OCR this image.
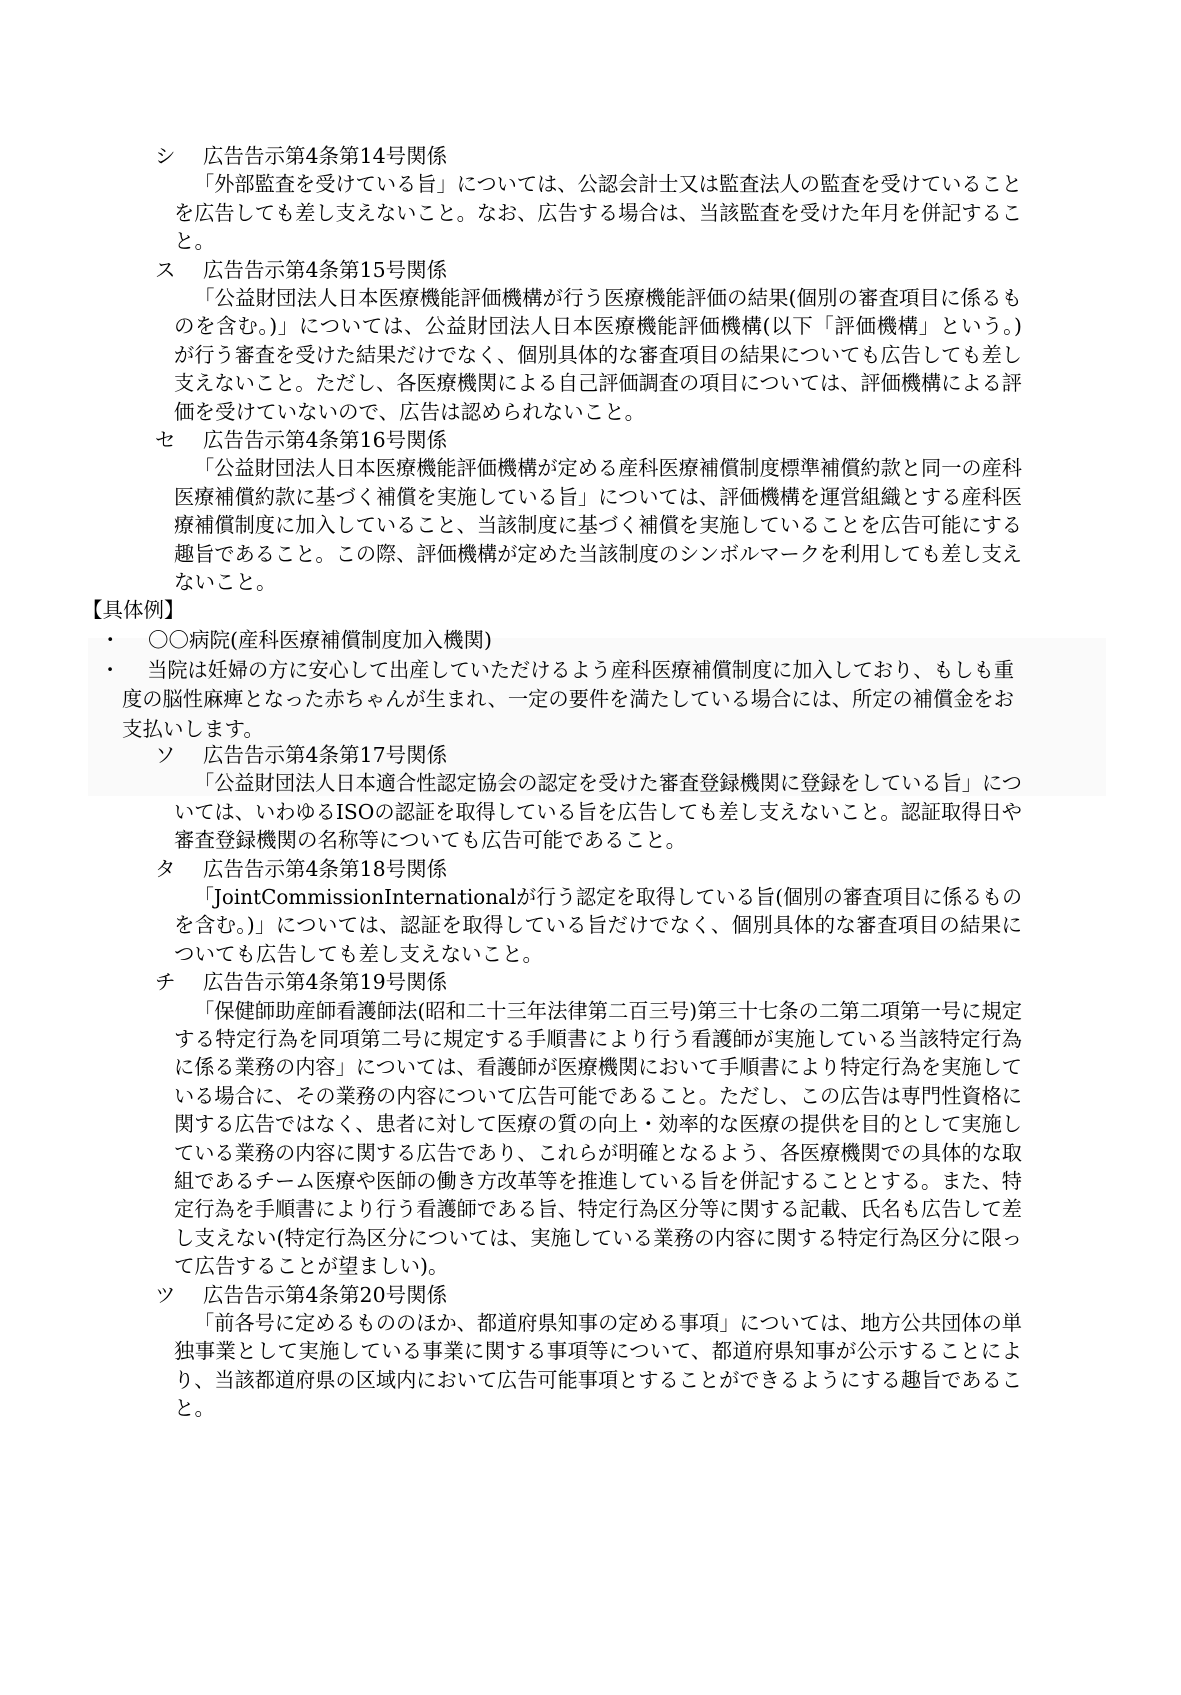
シ 広告告示第4条第14号関係
「外部監査を受けている旨」については、公認会計士又は監査法人の監査を受けていること
を広告しても差し支えないこと。なお、広告する場合は、当該監査を受けた年月を併記するこ
と。
ス 広告告示第4条第15号関係
「公益財団法人日本医療機能評価機構が行う医療機能評価の結果(個別の審査項目に係るも
のを含む。)」については、公益財団法人日本医療機能評価機構(以下「評価機構」という。)
が行う審査を受けた結果だけでなく、個別具体的な審査項目の結果についても広告しても差し
支えないこと。ただし、各医療機関による自己評価調査の項目については、評価機構による評
価を受けていないので、広告は認められないこと。
セ 広告告示第4条第16号関係
「公益財団法人日本医療機能評価機構が定める産科医療補償制度標準補償約款と同一の産科
医療補償約款に基づく補償を実施している旨」については、評価機構を運営組織とする産科医
療補償制度に加入していること、当該制度に基づく補償を実施していることを広告可能にする
趣旨であること。この際、評価機構が定めた当該制度のシンボルマークを利用しても差し支え
ないこと。
【具体例】
・ 〇〇病院(産科医療補償制度加入機関)
・ 当院は妊婦の方に安心して出産していただけるよう産科医療補償制度に加入しており、もしも重
度の脳性麻痺となった赤ちゃんが生まれ、一定の要件を満たしている場合には、所定の補償金をお
支払いします。
ソ 広告告示第4条第17号関係
「公益財団法人日本適合性認定協会の認定を受けた審査登録機関に登録をしている旨」につ
いては、いわゆるISOの認証を取得している旨を広告しても差し支えないこと。認証取得日や
審査登録機関の名称等についても広告可能であること。
タ 広告告示第4条第18号関係
「JointCommissionInternationalが行う認定を取得している旨(個別の審査項目に係るもの
を含む。)」については、認証を取得している旨だけでなく、個別具体的な審査項目の結果に
ついても広告しても差し支えないこと。
チ 広告告示第4条第19号関係
「保健師助産師看護師法(昭和二十三年法律第二百三号)第三十七条の二第二項第一号に規定
する特定行為を同項第二号に規定する手順書により行う看護師が実施している当該特定行為
に係る業務の内容」については、看護師が医療機関において手順書により特定行為を実施して
いる場合に、その業務の内容について広告可能であること。ただし、この広告は専門性資格に
関する広告ではなく、患者に対して医療の質の向上・効率的な医療の提供を目的として実施し
ている業務の内容に関する広告であり、これらが明確となるよう、各医療機関での具体的な取
組であるチーム医療や医師の働き方改革等を推進している旨を併記することとする。また、特
定行為を手順書により行う看護師である旨、特定行為区分等に関する記載、氏名も広告して差
し支えない(特定行為区分については、実施している業務の内容に関する特定行為区分に限っ
て広告することが望ましい)。
ツ 広告告示第4条第20号関係
「前各号に定めるもののほか、都道府県知事の定める事項」については、地方公共団体の単
独事業として実施している事業に関する事項等について、都道府県知事が公示することによ
り、当該都道府県の区域内において広告可能事項とすることができるようにする趣旨であるこ
と。
